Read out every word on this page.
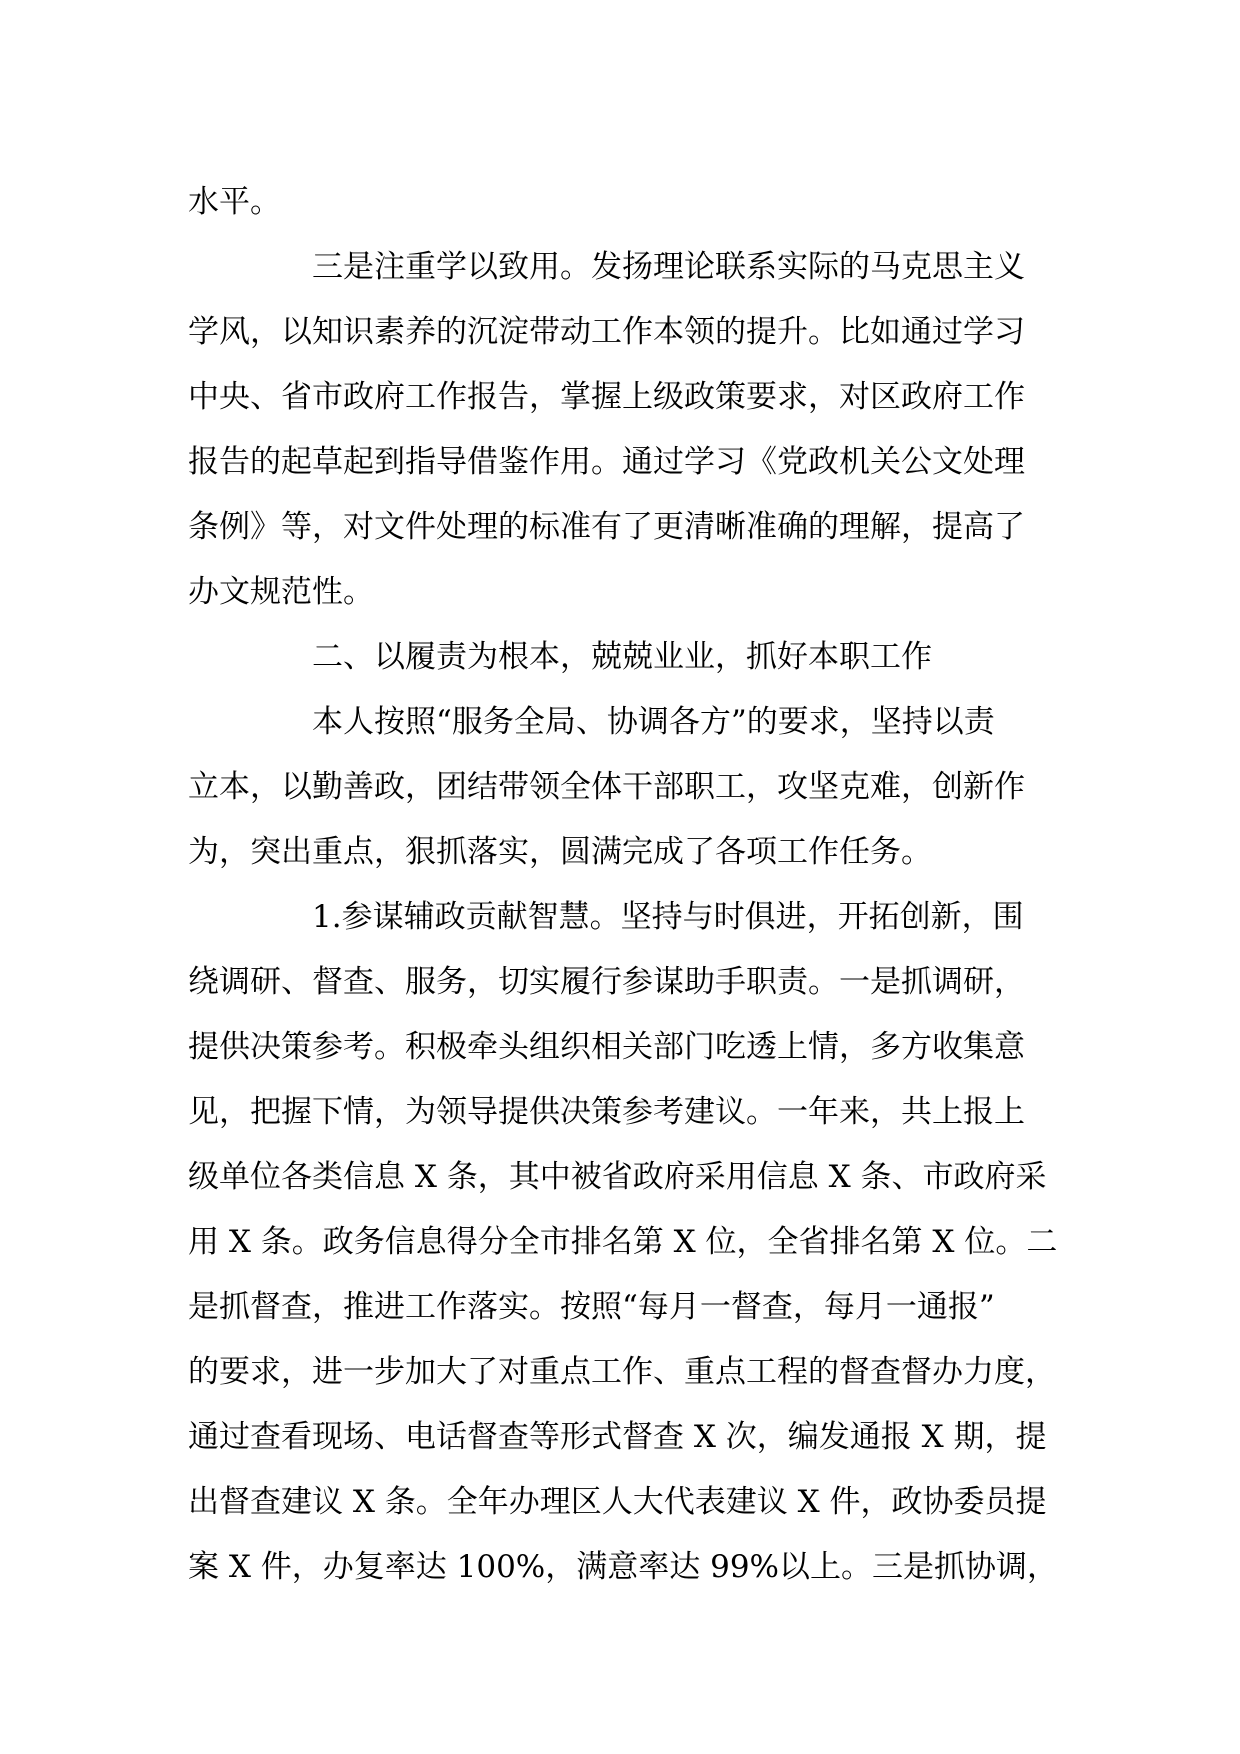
水平。
三是注重学以致用。发扬理论联系实际的马克思主义
学风，以知识素养的沉淀带动工作本领的提升。比如通过学习
中央、省市政府工作报告，掌握上级政策要求，对区政府工作
报告的起草起到指导借鉴作用。通过学习《党政机关公文处理
条例》等，对文件处理的标准有了更清晰准确的理解，提高了
办文规范性。
二、以履责为根本，兢兢业业，抓好本职工作
本人按照“服务全局、协调各方”的要求，坚持以责
立本，以勤善政，团结带领全体干部职工，攻坚克难，创新作
为，突出重点，狠抓落实，圆满完成了各项工作任务。
1.参谋辅政贡献智慧。坚持与时俱进，开拓创新，围
绕调研、督查、服务，切实履行参谋助手职责。一是抓调研，
提供决策参考。积极牵头组织相关部门吃透上情，多方收集意
见，把握下情，为领导提供决策参考建议。一年来，共上报上
级单位各类信息 X 条，其中被省政府采用信息 X 条、市政府采
用 X 条。政务信息得分全市排名第 X 位，全省排名第 X 位。二
是抓督查，推进工作落实。按照“每月一督查，每月一通报”
的要求，进一步加大了对重点工作、重点工程的督查督办力度，
通过查看现场、电话督查等形式督查 X 次，编发通报 X 期，提
出督查建议 X 条。全年办理区人大代表建议 X 件，政协委员提
案 X 件，办复率达 100%，满意率达 99%以上。三是抓协调，
